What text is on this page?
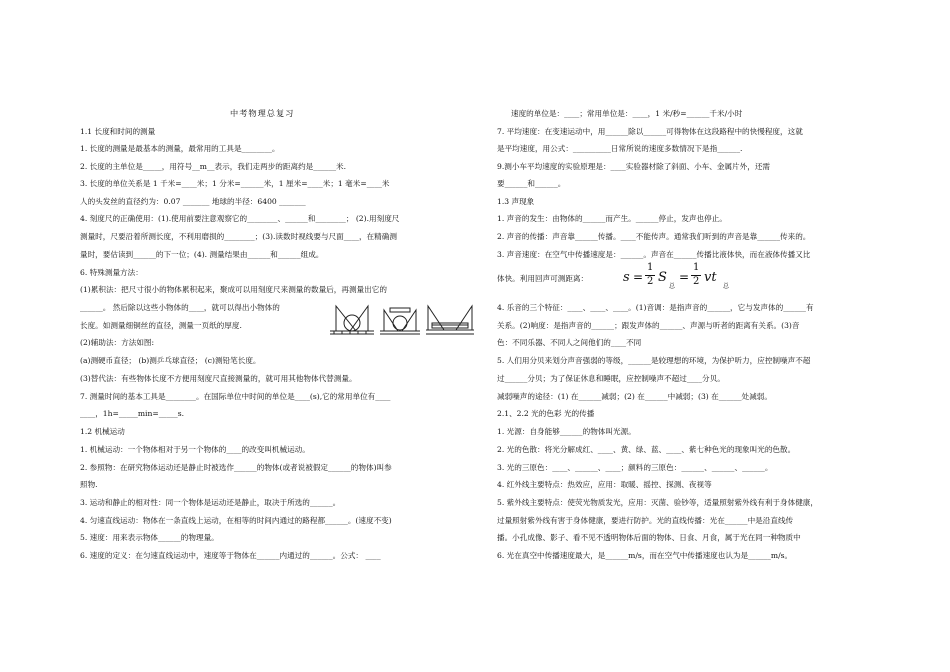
中考物理总复习
1.1 长度和时间的测量
1. 长度的测量是最基本的测量，最常用的工具是________。
2. 长度的主单位是_____，用符号__m__表示，我们走两步的距离约是______米.
3. 长度的单位关系是 1 千米=____米；1 分米=______米，1 厘米=____米；1 毫米=____米
人的头发丝的直径约为：0.07 _______ 地球的半径：6400 _______
4. 刻度尺的正确使用：(1).使用前要注意观察它的________、______和________； (2).用刻度尺
测量时，尺要沿着所测长度，不利用磨损的________；(3).读数时视线要与尺面____，在精确测
量时，要估读到______的下一位；(4). 测量结果由______和______组成。
6. 特殊测量方法：
(1)累积法：把尺寸很小的物体累积起来，聚成可以用刻度尺来测量的数量后，再测量出它的
______。 然后除以这些小物体的____，就可以得出小物体的
长度。如测量细铜丝的直径，测量一页纸的厚度.
(2)辅助法：方法如图:
(a)测硬币直径； (b)测乒乓球直径； (c)测铅笔长度。
(3)替代法：有些物体长度不方便用刻度尺直接测量的，就可用其他物体代替测量。
7. 测量时间的基本工具是________。在国际单位中时间的单位是____(s),它的常用单位有____
____，1h=_____min=_____s.
1.2 机械运动
1. 机械运动：一个物体相对于另一个物体的____的改变叫机械运动。
2. 参照物：在研究物体运动还是静止时被选作______的物体(或者说被假定______的物体)叫参
照物.
3. 运动和静止的相对性：同一个物体是运动还是静止，取决于所选的______。
4. 匀速直线运动：物体在一条直线上运动，在相等的时间内通过的路程都______。(速度不变)
5. 速度：用来表示物体______的物理量。
6. 速度的定义：在匀速直线运动中，速度等于物体在______内通过的______。公式： ____
速度的单位是：____；常用单位是：____，1 米/秒=______千米/小时
7. 平均速度：在变速运动中，用______除以______可得物体在这段路程中的快慢程度，这就
是平均速度，用公式：__________日常所说的速度多数情况下是指______.
9.测小车平均速度的实验原理是：____实验器材除了斜面、小车、金属片外，还需
要______和______。
1.3 声现象
1. 声音的发生：由物体的______而产生。______停止，发声也停止。
2. 声音的传播：声音靠______传播。____不能传声。通常我们听到的声音是靠______传来的。
3. 声音速度：在空气中传播速度是：______。声音在______传播比液体快，而在液体传播又比
体快。利用回声可测距离：	s =
1
2 S
总
=
1
2 vt
总
4. 乐音的三个特征：____、____、____。(1)音调：是指声音的______，它与发声体的______有
关系。(2)响度：是指声音的______；跟发声体的______、声源与听者的距离有关系。(3)音
色：不同乐器、不同人之间他们的____不同
5. 人们用分贝来划分声音强弱的等级，______是较理想的环境，为保护听力，应控制噪声不超
过______分贝；为了保证休息和睡眠，应控制噪声不超过____分贝。
减弱噪声的途径：(1) 在______减弱；(2) 在______中减弱；(3) 在______处减弱。
2.1、2.2 光的色彩 光的传播
1. 光源：自身能够______的物体叫光源。
2. 光的色散：将光分解成红、____、黄、绿、蓝、____、紫七种色光的现象叫光的色散。
3. 光的三原色：____、______、____；颜料的三原色：______、______、______。
4. 红外线主要特点：热效应，应用：取暖、摇控、探测、夜视等
5. 紫外线主要特点：使荧光物质发光，应用：灭菌、验钞等，适量照射紫外线有利于身体健康，
过量照射紫外线有害于身体健康，要进行防护。光的直线传播：光在______中是沿直线传
播。小孔成像、影子、看不见不透明物体后面的物体、日食、月食，属于光在同一种物质中
6. 光在真空中传播速度最大，是______m/s，而在空气中传播速度也认为是______m/s。
